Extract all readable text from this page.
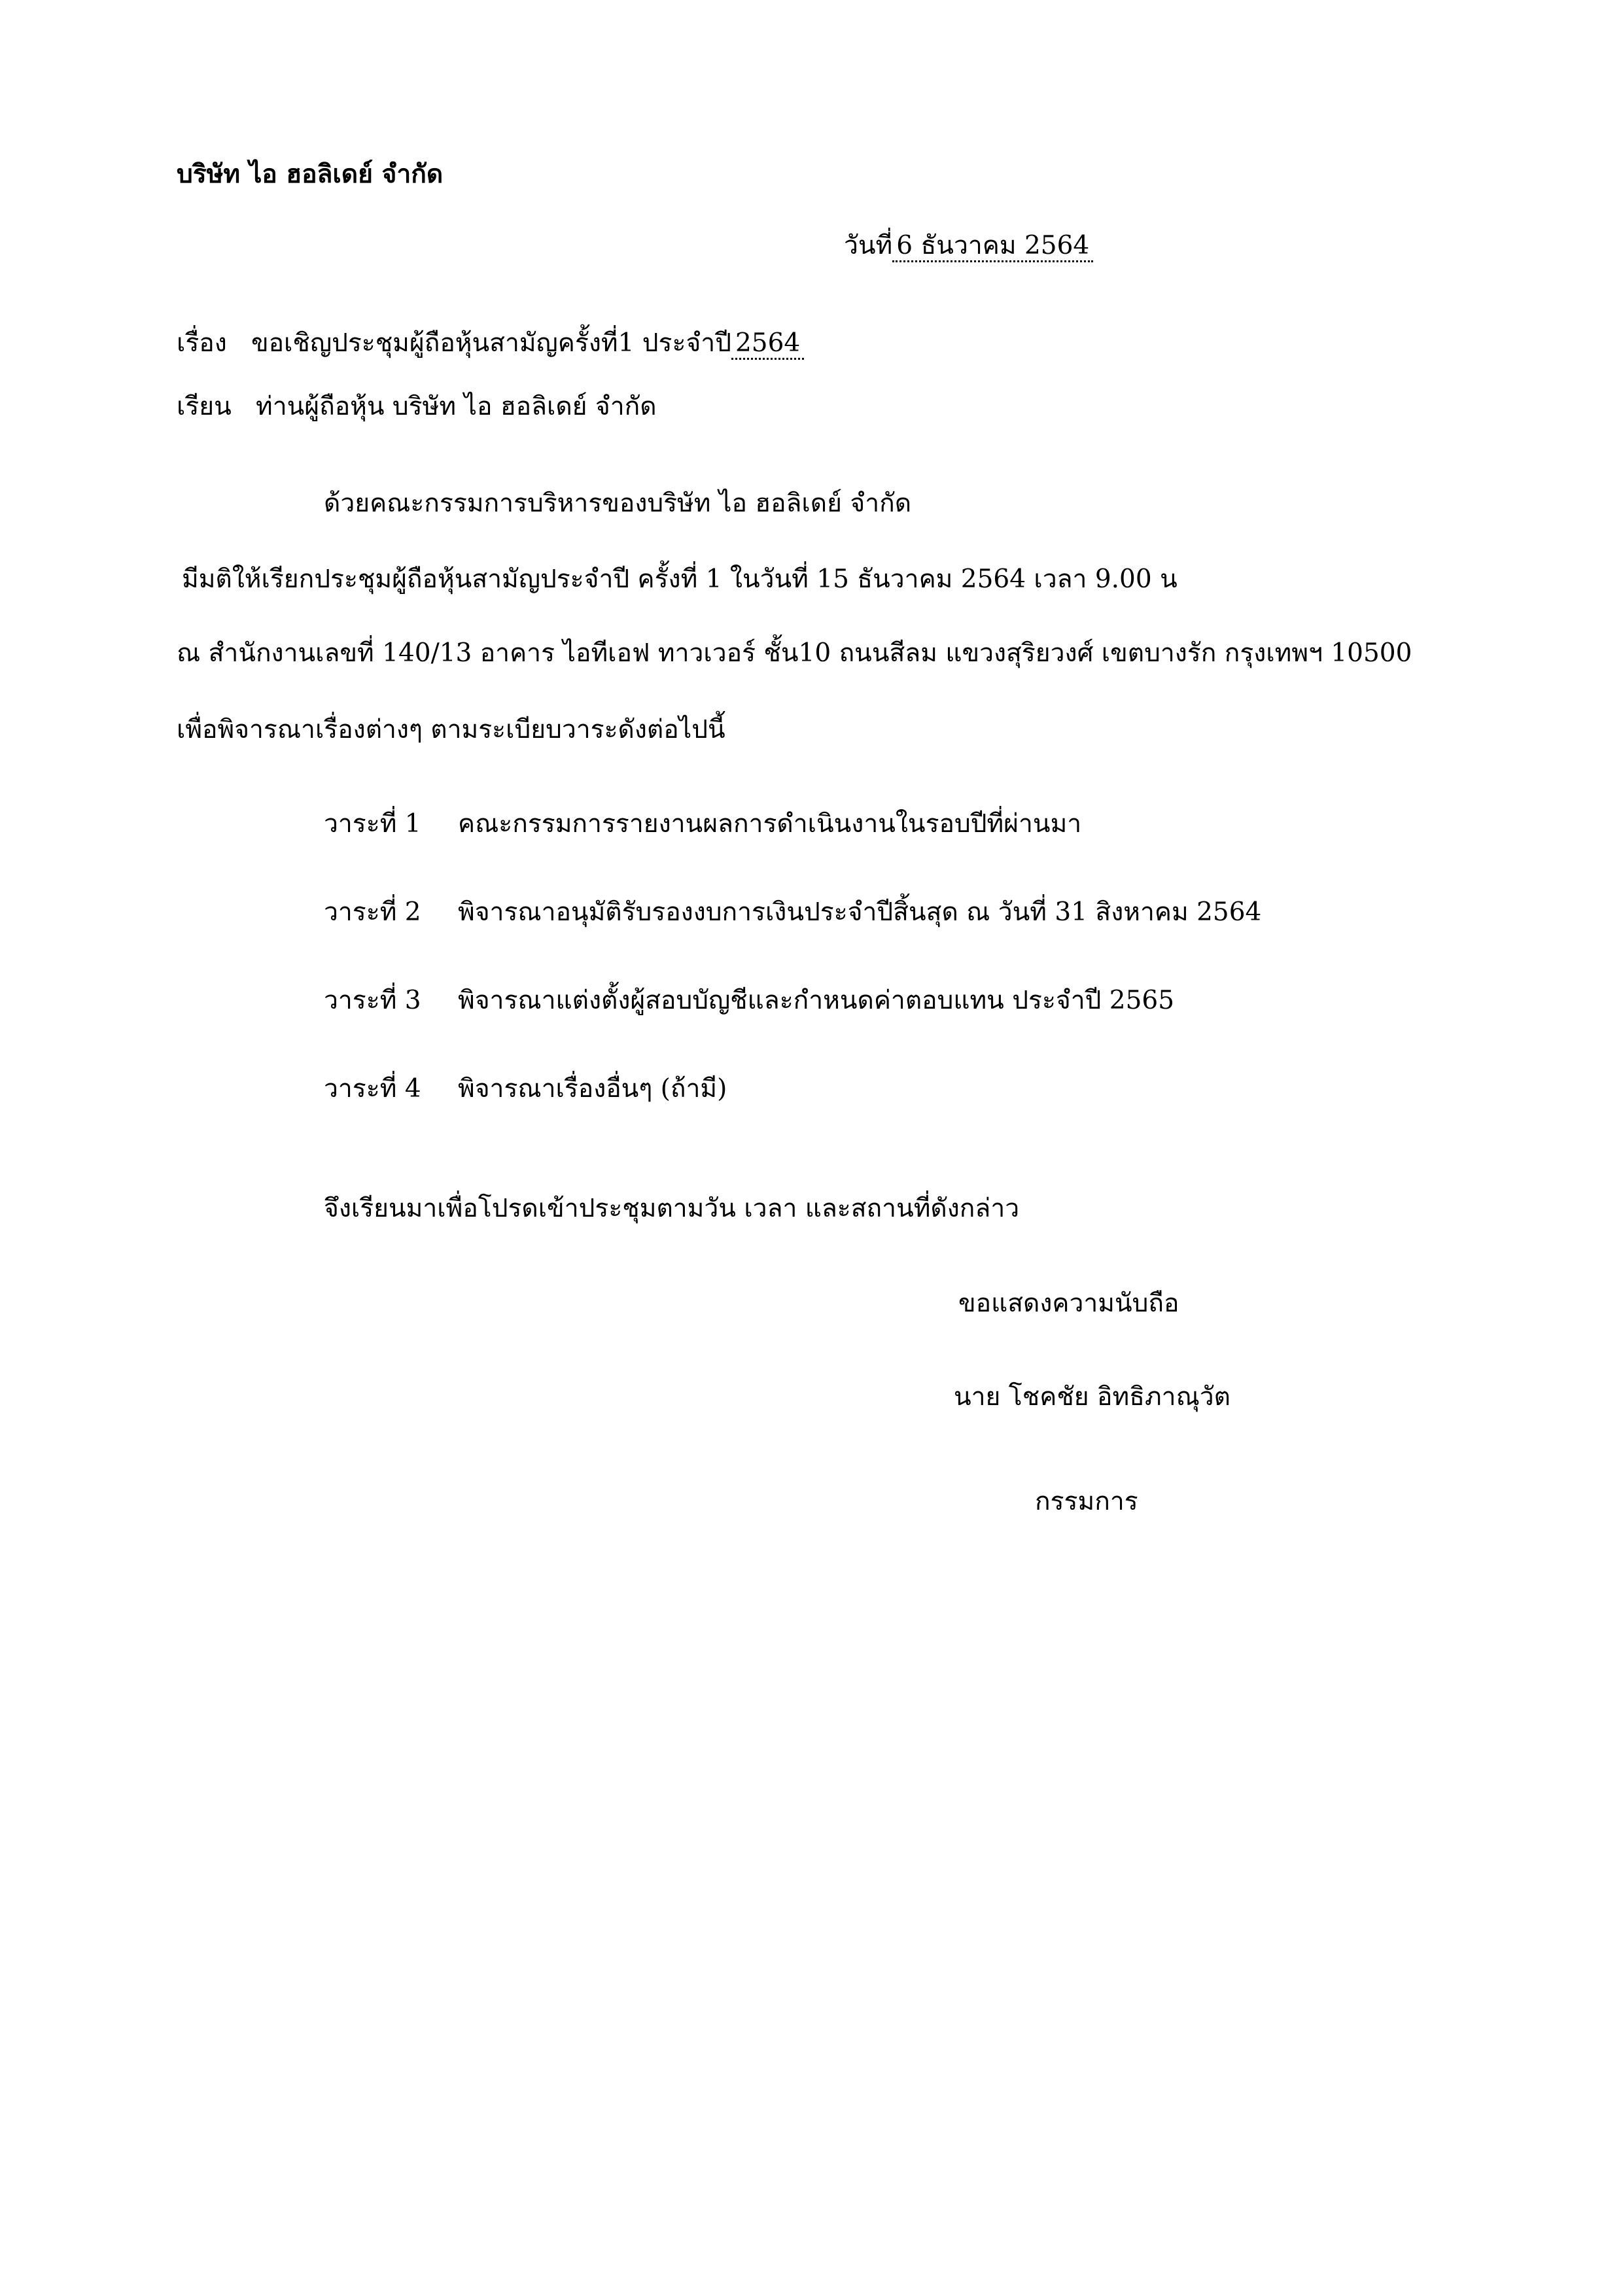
บริษัท ไอ ฮอลิเดย์ จำกัด
วันที่ 6 ธันวาคม 2564
เรื่อง ขอเชิญประชุมผู้ถือหุ้นสามัญครั้งที่1 ประจำปี 2564
เรียน ท่านผู้ถือหุ้น บริษัท ไอ ฮอลิเดย์ จำกัด
ด้วยคณะกรรมการบริหารของบริษัท ไอ ฮอลิเดย์ จำกัด
มีมติให้เรียกประชุมผู้ถือหุ้นสามัญประจำปี ครั้งที่ 1 ในวันที่ 15 ธันวาคม 2564 เวลา 9.00 น
ณ สำนักงานเลขที่ 140/13 อาคาร ไอทีเอฟ ทาวเวอร์ ชั้น10 ถนนสีลม แขวงสุริยวงศ์ เขตบางรัก กรุงเทพฯ 10500
เพื่อพิจารณาเรื่องต่างๆ ตามระเบียบวาระดังต่อไปนี้
วาระที่ 1 คณะกรรมการรายงานผลการดำเนินงานในรอบปีที่ผ่านมา
วาระที่ 2 พิจารณาอนุมัติรับรองงบการเงินประจำปีสิ้นสุด ณ วันที่ 31 สิงหาคม 2564
วาระที่ 3 พิจารณาแต่งตั้งผู้สอบบัญชีและกำหนดค่าตอบแทน ประจำปี 2565
วาระที่ 4 พิจารณาเรื่องอื่นๆ (ถ้ามี)
จึงเรียนมาเพื่อโปรดเข้าประชุมตามวัน เวลา และสถานที่ดังกล่าว
ขอแสดงความนับถือ
นาย โชคชัย อิทธิภาณุวัต
กรรมการ
